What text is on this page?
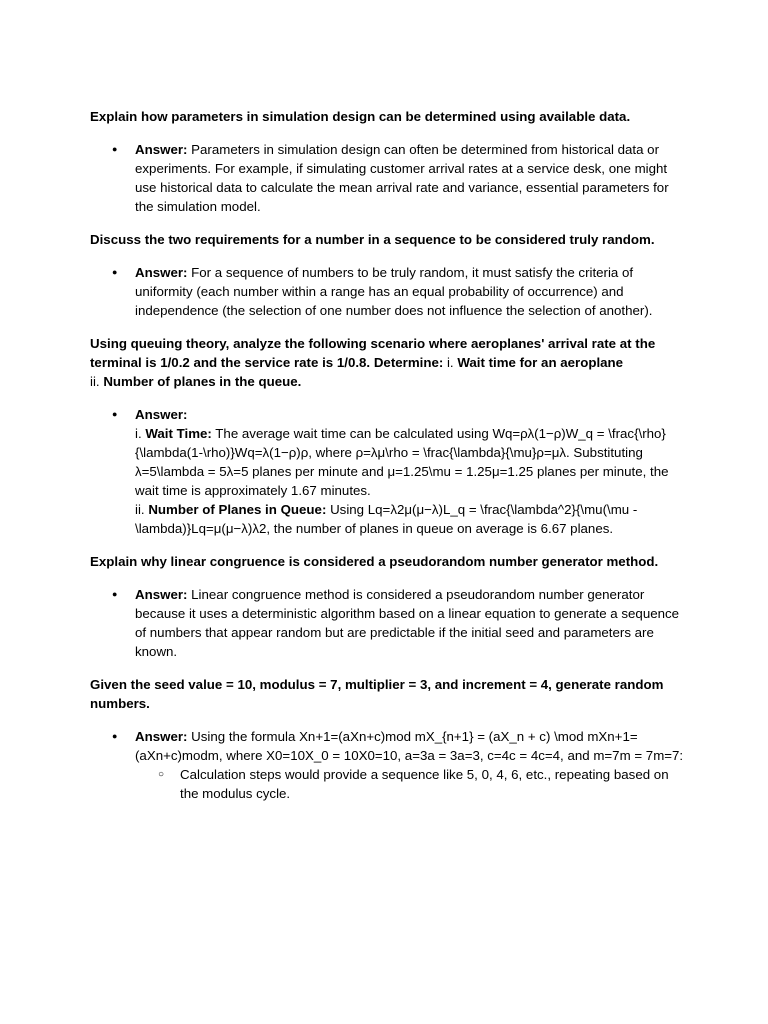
Explain how parameters in simulation design can be determined using available data.

● Answer: Parameters in simulation design can often be determined from historical data or experiments. For example, if simulating customer arrival rates at a service desk, one might use historical data to calculate the mean arrival rate and variance, essential parameters for the simulation model.

Discuss the two requirements for a number in a sequence to be considered truly random.

● Answer: For a sequence of numbers to be truly random, it must satisfy the criteria of uniformity (each number within a range has an equal probability of occurrence) and independence (the selection of one number does not influence the selection of another).

Using queuing theory, analyze the following scenario where aeroplanes' arrival rate at the terminal is 1/0.2 and the service rate is 1/0.8. Determine: i. Wait time for an aeroplane
ii. Number of planes in the queue.

● Answer:
i. Wait Time: The average wait time can be calculated using Wq=ρλ(1−ρ)W_q = \frac{\rho}{\lambda(1-\rho)}Wq=λ(1−ρ)ρ, where ρ=λμ\rho = \frac{\lambda}{\mu}ρ=μλ. Substituting λ=5\lambda = 5λ=5 planes per minute and μ=1.25\mu = 1.25μ=1.25 planes per minute, the wait time is approximately 1.67 minutes.
ii. Number of Planes in Queue: Using Lq=λ2μ(μ−λ)L_q = \frac{\lambda^2}{\mu(\mu - \lambda)}Lq=μ(μ−λ)λ2, the number of planes in queue on average is 6.67 planes.

Explain why linear congruence is considered a pseudorandom number generator method.

● Answer: Linear congruence method is considered a pseudorandom number generator because it uses a deterministic algorithm based on a linear equation to generate a sequence of numbers that appear random but are predictable if the initial seed and parameters are known.

Given the seed value = 10, modulus = 7, multiplier = 3, and increment = 4, generate random numbers.

● Answer: Using the formula Xn+1=(aXn+c)mod mX_{n+1} = (aX_n + c) \mod mXn+1=(aXn+c)modm, where X0=10X_0 = 10X0=10, a=3a = 3a=3, c=4c = 4c=4, and m=7m = 7m=7:
○ Calculation steps would provide a sequence like 5, 0, 4, 6, etc., repeating based on the modulus cycle.
